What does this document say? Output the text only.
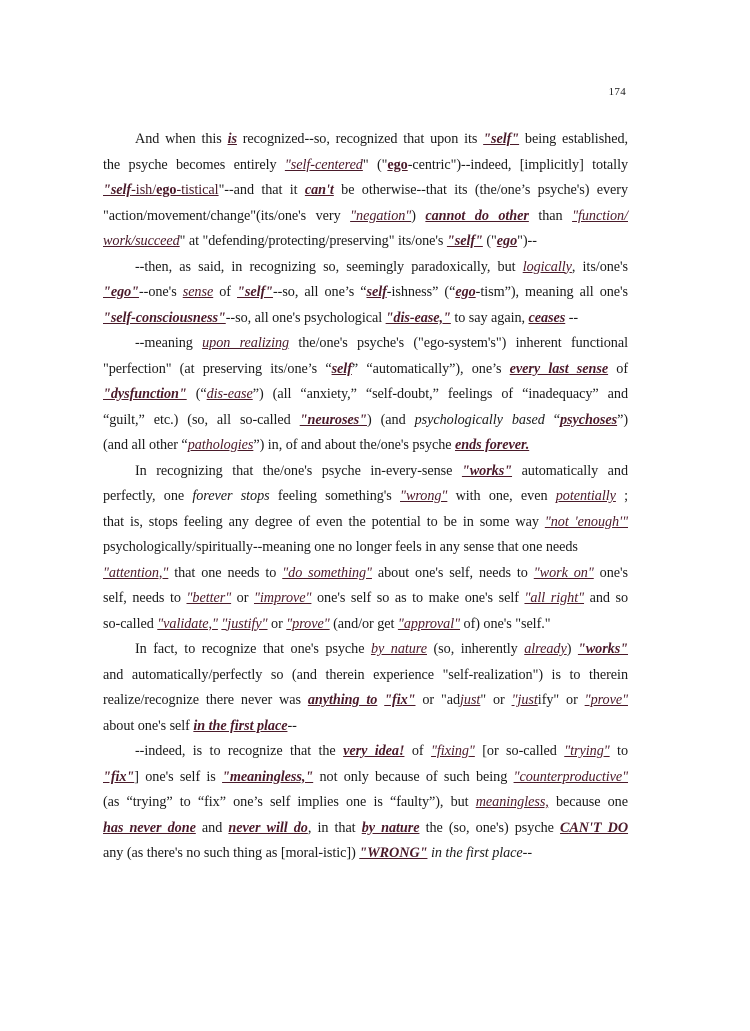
174
And when this is recognized--so, recognized that upon its "self" being established,
the psyche becomes entirely "self-centered" ("ego-centric")--indeed, [implicitly] totally
"self-ish/ego-tistical"--and that it can't be otherwise--that its (the/one’s psyche's) every
"action/movement/change"(its/one's very "negation") cannot do other than "function/
work/succeed" at "defending/protecting/preserving" its/one's "self" ("ego")--
--then, as said, in recognizing so, seemingly paradoxically, but logically, its/one's
"ego"--one's sense of "self"--so, all one’s “self-ishness” (“ego-tism”), meaning all one's
"self-consciousness"--so, all one's psychological "dis-ease," to say again, ceases --
--meaning upon realizing the/one's psyche's ("ego-system's") inherent functional
"perfection" (at preserving its/one’s “self” “automatically”), one’s every last sense of
"dysfunction" (“dis-ease”) (all “anxiety,” “self-doubt,” feelings of “inadequacy” and
“guilt,” etc.) (so, all so-called "neuroses") (and psychologically based “psychoses”)
(and all other “pathologies”) in, of and about the/one's psyche ends forever.
In recognizing that the/one's psyche in-every-sense "works" automatically and
perfectly, one forever stops feeling something's "wrong" with one, even potentially ;
that is, stops feeling any degree of even the potential to be in some way "not 'enough'"
psychologically/spiritually--meaning one no longer feels in any sense that one needs
"attention," that one needs to "do something" about one's self, needs to "work on" one's
self, needs to "better" or "improve" one's self so as to make one's self "all right" and so
so-called "validate," "justify" or "prove" (and/or get "approval" of) one's "self."
In fact, to recognize that one's psyche by nature (so, inherently already) "works"
and automatically/perfectly so (and therein experience "self-realization") is to therein
realize/recognize there never was anything to "fix" or "adjust" or "justify" or "prove"
about one's self in the first place--
--indeed, is to recognize that the very idea! of "fixing" [or so-called "trying" to
"fix"] one's self is "meaningless," not only because of such being "counterproductive"
(as “trying” to “fix” one’s self implies one is “faulty”), but meaningless, because one
has never done and never will do, in that by nature the (so, one's) psyche CAN'T DO
any (as there's no such thing as [moral-istic]) "WRONG" in the first place--
